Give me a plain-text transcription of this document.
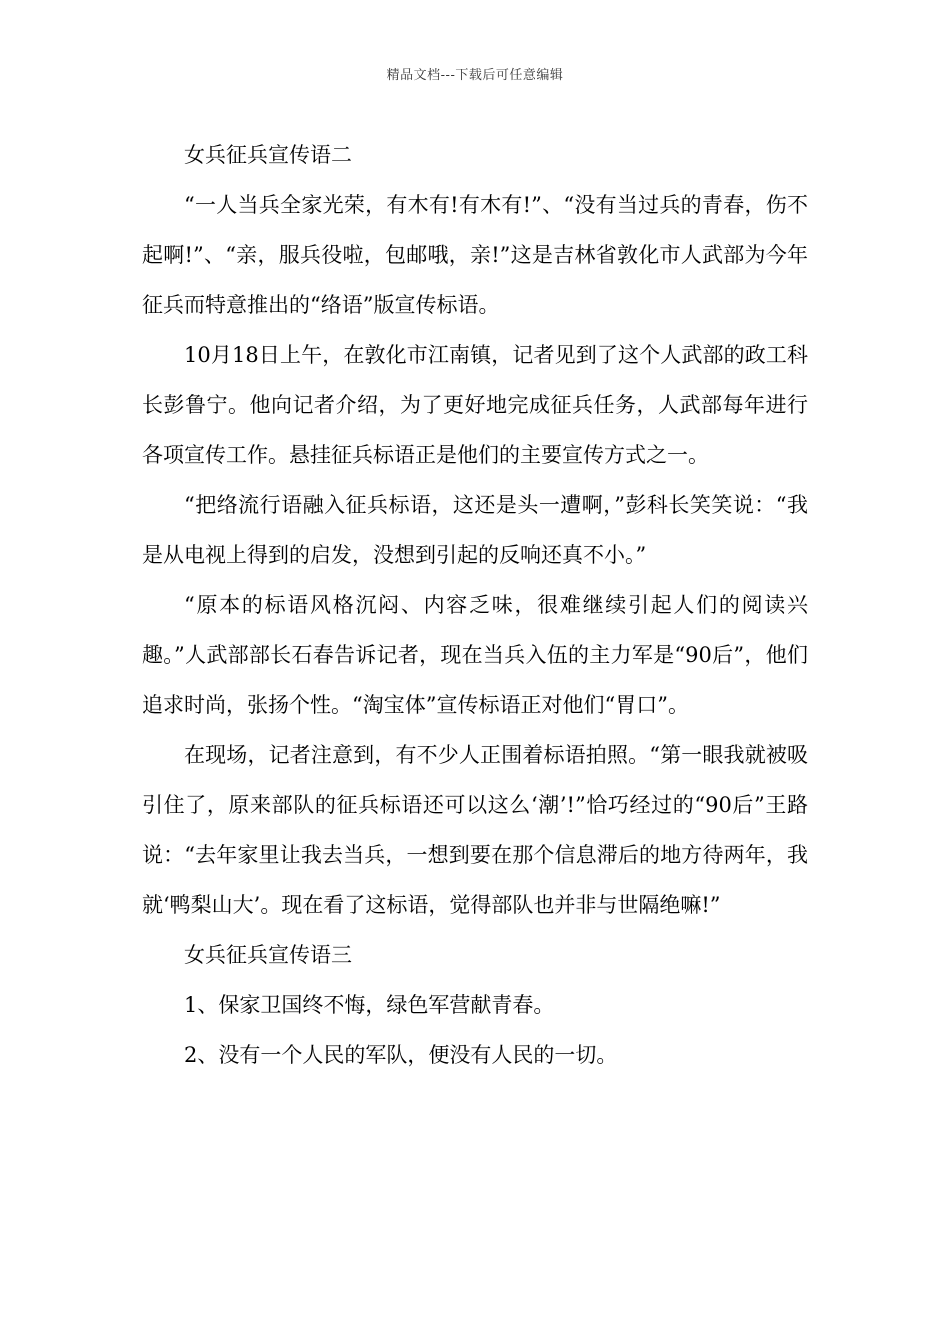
精品文档---下载后可任意编辑

女兵征兵宣传语二

“一人当兵全家光荣，有木有!有木有!”、“没有当过兵的青春，伤不起啊!”、“亲，服兵役啦，包邮哦，亲!”这是吉林省敦化市人武部为今年征兵而特意推出的“络语”版宣传标语。

10月18日上午，在敦化市江南镇，记者见到了这个人武部的政工科长彭鲁宁。他向记者介绍，为了更好地完成征兵任务，人武部每年进行各项宣传工作。悬挂征兵标语正是他们的主要宣传方式之一。

“把络流行语融入征兵标语，这还是头一遭啊，”彭科长笑笑说：“我是从电视上得到的启发，没想到引起的反响还真不小。”

“原本的标语风格沉闷、内容乏味，很难继续引起人们的阅读兴趣。”人武部部长石春告诉记者，现在当兵入伍的主力军是“90后”，他们追求时尚，张扬个性。“淘宝体”宣传标语正对他们“胃口”。

在现场，记者注意到，有不少人正围着标语拍照。“第一眼我就被吸引住了，原来部队的征兵标语还可以这么‘潮’!”恰巧经过的“90后”王路说：“去年家里让我去当兵，一想到要在那个信息滞后的地方待两年，我就‘鸭梨山大’。现在看了这标语，觉得部队也并非与世隔绝嘛!”

女兵征兵宣传语三

1、保家卫国终不悔，绿色军营献青春。

2、没有一个人民的军队，便没有人民的一切。
